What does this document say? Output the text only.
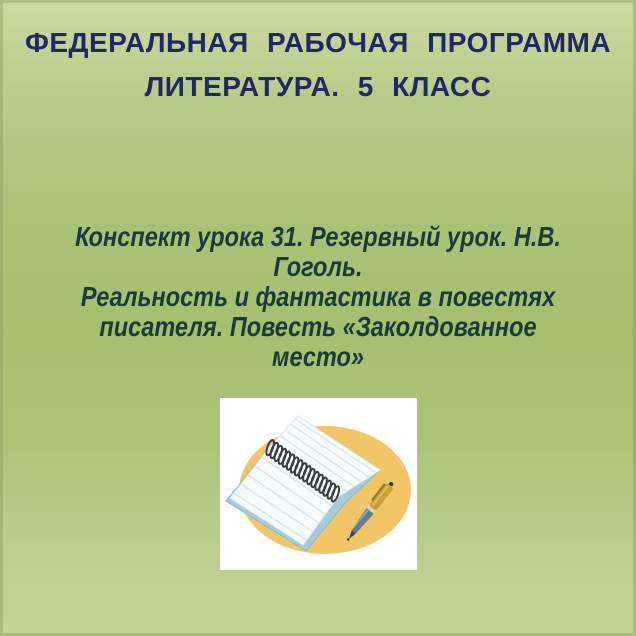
ФЕДЕРАЛЬНАЯ РАБОЧАЯ ПРОГРАММА
ЛИТЕРАТУРА. 5 КЛАСС
Конспект урока 31. Резервный урок. Н.В. Гоголь.
Реальность и фантастика в повестях
писателя. Повесть «Заколдованное место»
